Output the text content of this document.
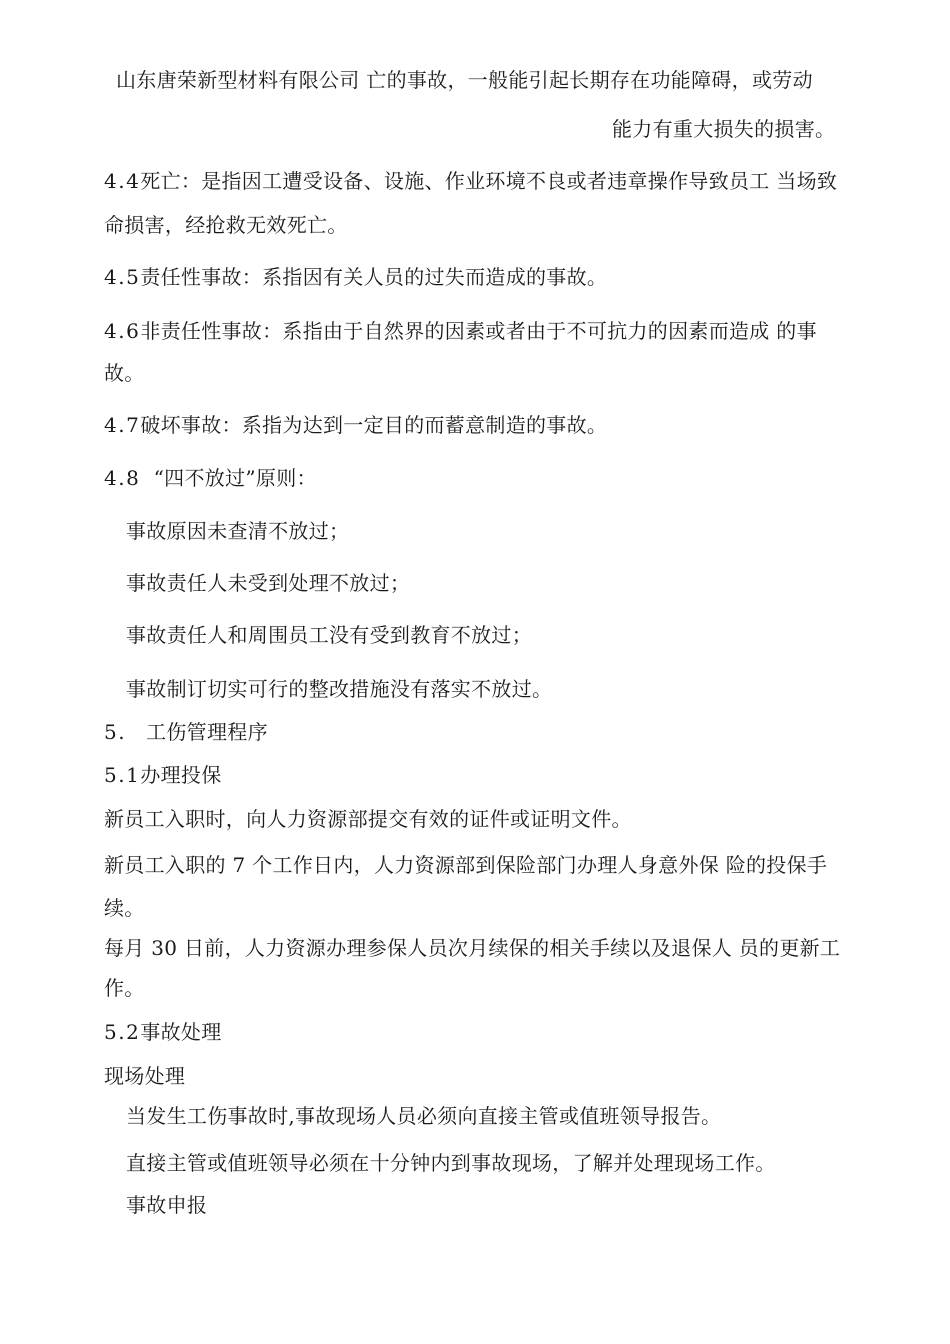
山东唐荣新型材料有限公司 亡的事故，一般能引起长期存在功能障碍，或劳动
能力有重大损失的损害。
4.4死亡：是指因工遭受设备、设施、作业环境不良或者违章操作导致员工 当场致
命损害，经抢救无效死亡。
4.5责任性事故：系指因有关人员的过失而造成的事故。
4.6非责任性事故：系指由于自然界的因素或者由于不可抗力的因素而造成 的事
故。
4.7破坏事故：系指为达到一定目的而蓄意制造的事故。
4.8 “四不放过”原则：
事故原因未查清不放过；
事故责任人未受到处理不放过；
事故责任人和周围员工没有受到教育不放过；
事故制订切实可行的整改措施没有落实不放过。
5. 工伤管理程序
5.1办理投保
新员工入职时，向人力资源部提交有效的证件或证明文件。
新员工入职的 7 个工作日内，人力资源部到保险部门办理人身意外保 险的投保手
续。
每月 30 日前，人力资源办理参保人员次月续保的相关手续以及退保人 员的更新工
作。
5.2事故处理
现场处理
当发生工伤事故时,事故现场人员必须向直接主管或值班领导报告。
直接主管或值班领导必须在十分钟内到事故现场，了解并处理现场工作。
事故申报
